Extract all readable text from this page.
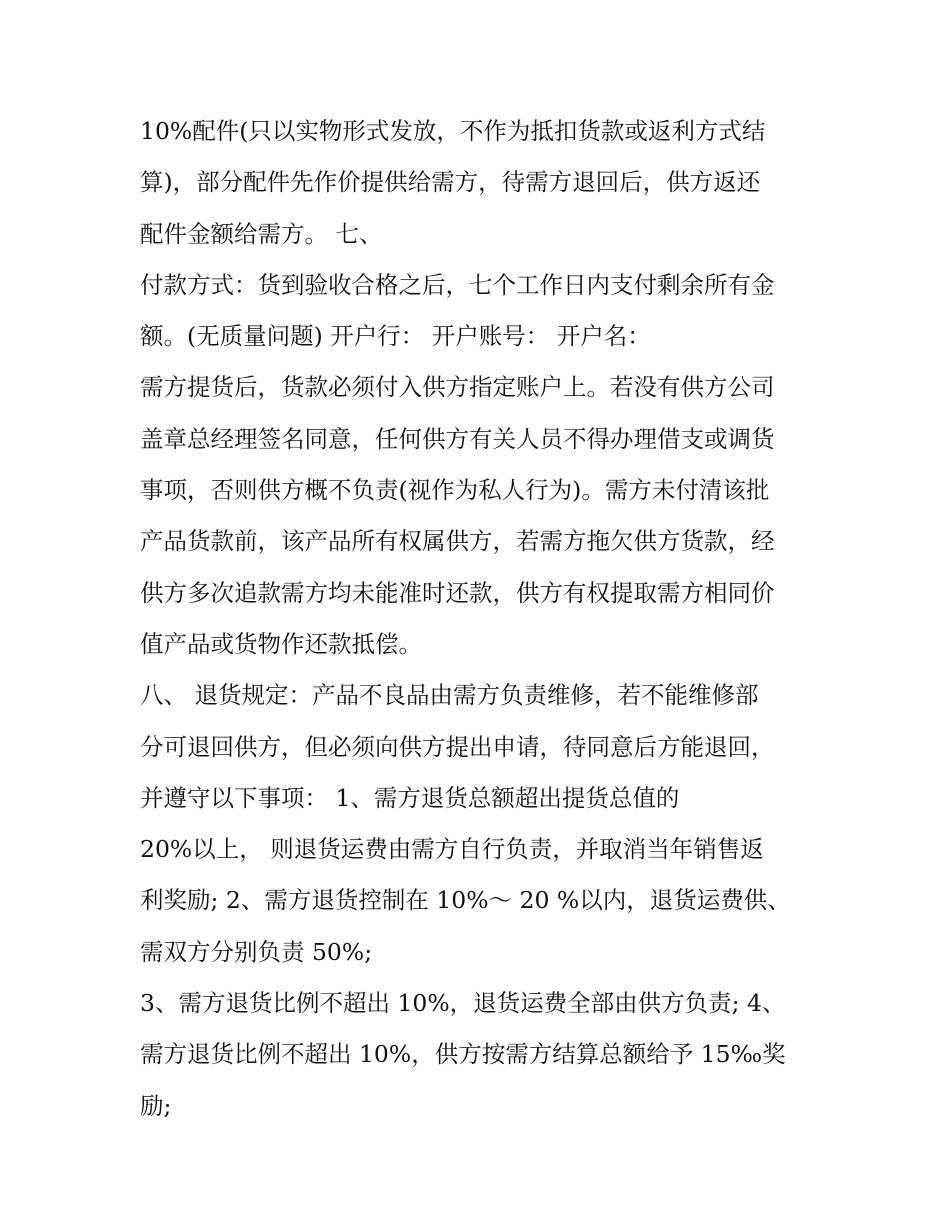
10%配件(只以实物形式发放，不作为抵扣货款或返利方式结
算)，部分配件先作价提供给需方，待需方退回后，供方返还
配件金额给需方。 七、
付款方式：货到验收合格之后，七个工作日内支付剩余所有金
额。(无质量问题) 开户行： 开户账号： 开户名：
需方提货后，货款必须付入供方指定账户上。若没有供方公司
盖章总经理签名同意，任何供方有关人员不得办理借支或调货
事项，否则供方概不负责(视作为私人行为)。需方未付清该批
产品货款前，该产品所有权属供方，若需方拖欠供方货款，经
供方多次追款需方均未能准时还款，供方有权提取需方相同价
值产品或货物作还款抵偿。
八、 退货规定：产品不良品由需方负责维修，若不能维修部
分可退回供方，但必须向供方提出申请，待同意后方能退回，
并遵守以下事项： 1、需方退货总额超出提货总值的
20%以上， 则退货运费由需方自行负责，并取消当年销售返
利奖励; 2、需方退货控制在 10%～ 20 %以内，退货运费供、
需双方分别负责 50%;
3、需方退货比例不超出 10%，退货运费全部由供方负责; 4、
需方退货比例不超出 10%，供方按需方结算总额给予 15‰奖
励;
